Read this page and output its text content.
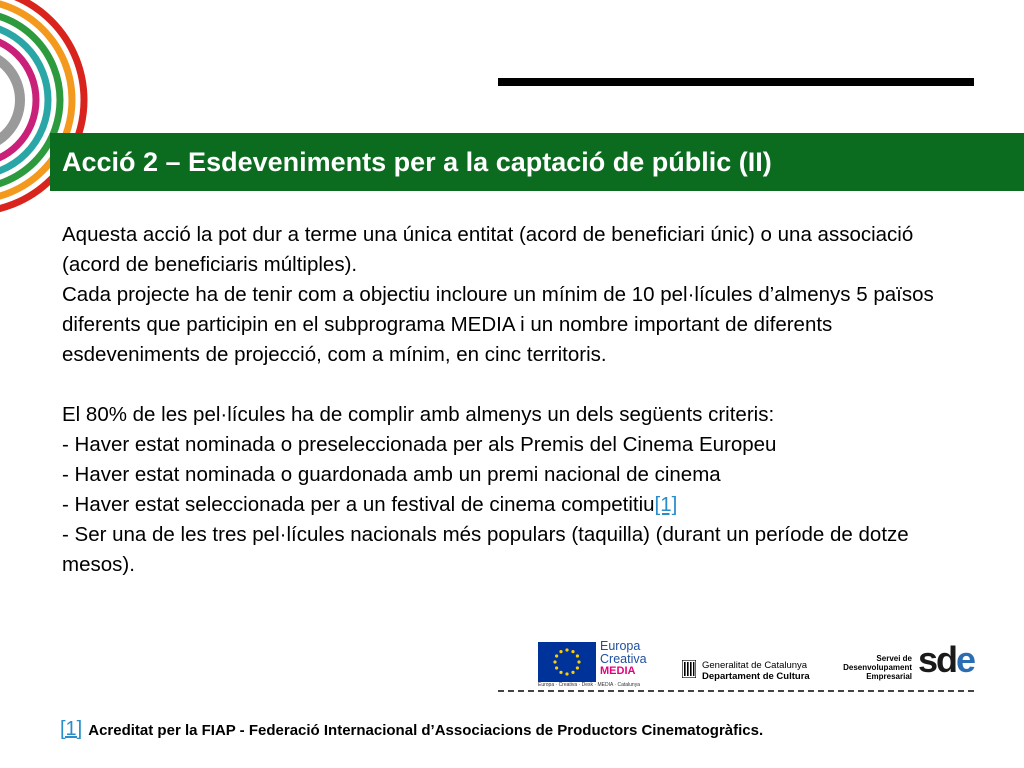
Acció 2 – Esdeveniments per a la captació de públic (II)

Aquesta acció la pot dur a terme una única entitat (acord de beneficiari únic) o una associació (acord de beneficiaris múltiples).

Cada projecte ha de tenir com a objectiu incloure un mínim de 10 pel·lícules d’almenys 5 països diferents que participin en el subprograma MEDIA i un nombre important de diferents esdeveniments de projecció, com a mínim, en cinc territoris.

El 80% de les pel·lícules ha de complir amb almenys un dels següents criteris:

- Haver estat nominada o preseleccionada per als Premis del Cinema Europeu

- Haver estat nominada o guardonada amb un premi nacional de cinema

- Haver estat seleccionada per a un festival de cinema competitiu[1]

- Ser una de les tres pel·lícules nacionals més populars (taquilla) (durant un període de dotze mesos).

Europa
Creativa
MEDIA
Europa · Creativa · Desk · MEDIA · Catalunya
Generalitat de Catalunya
Departament de Cultura
Servei de
Desenvolupament
Empresarial sde
[1] Acreditat per la FIAP - Federació Internacional d’Associacions de Productors Cinematogràfics.
